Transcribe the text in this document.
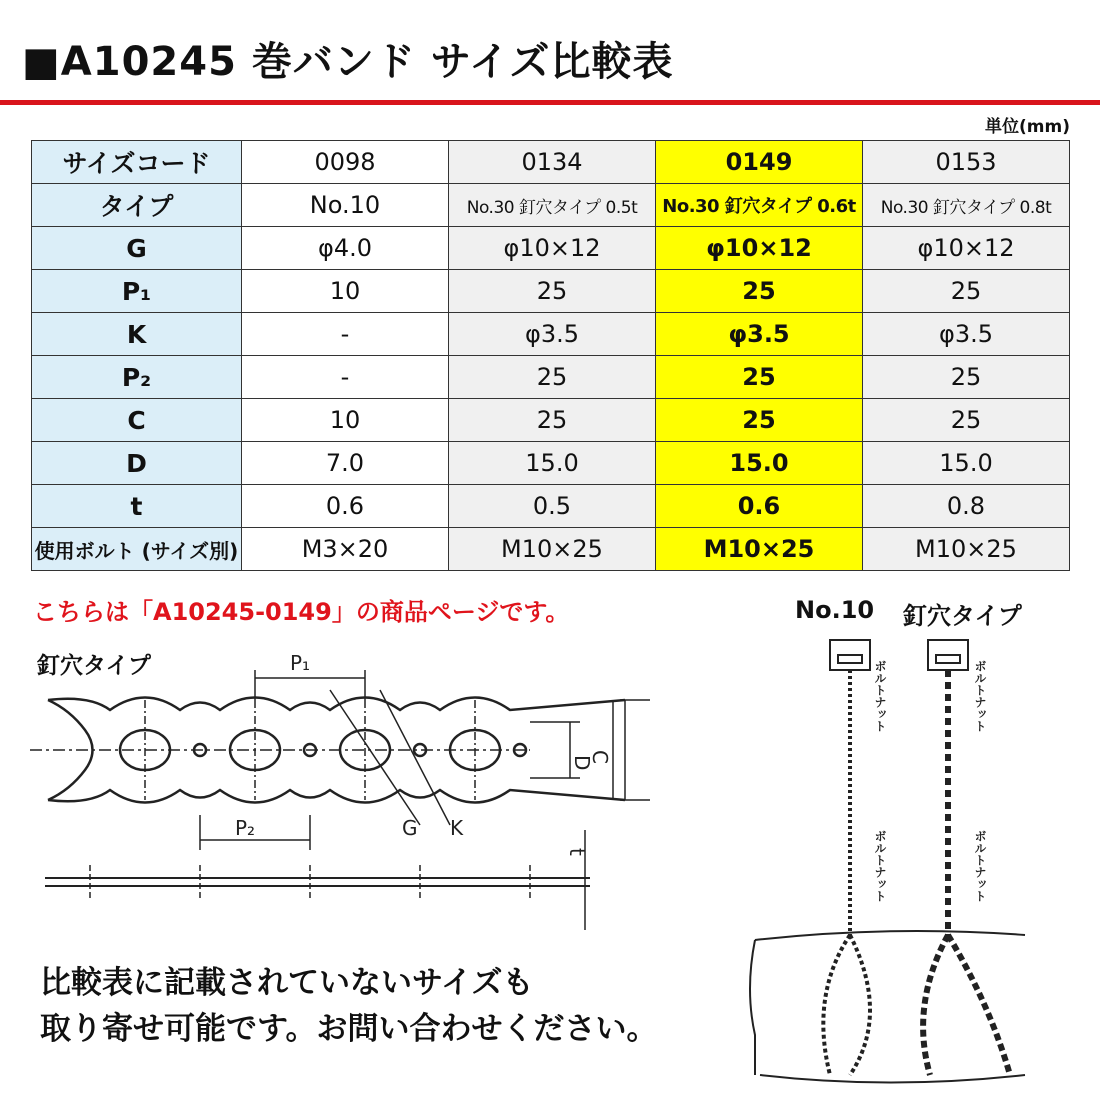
■A10245 巻バンド サイズ比較表
単位(mm)
サイズコード	0098	0134	0149	0153
タイプ	No.10	No.30 釘穴タイプ 0.5t	No.30 釘穴タイプ 0.6t	No.30 釘穴タイプ 0.8t
G	φ4.0	φ10×12	φ10×12	φ10×12
P₁	10	25	25	25
K	-	φ3.5	φ3.5	φ3.5
P₂	-	25	25	25
C	10	25	25	25
D	7.0	15.0	15.0	15.0
t	0.6	0.5	0.6	0.8
使用ボルト (サイズ別)	M3×20	M10×25	M10×25	M10×25
こちらは「A10245-0149」の商品ページです。
釘穴タイプ
No.10 釘穴タイプ
P₁
P₂	G K
D
C
t
ボルトナット	ボルトナット
ボルトナット	ボルトナット
比較表に記載されていないサイズも
取り寄せ可能です。お問い合わせください。
